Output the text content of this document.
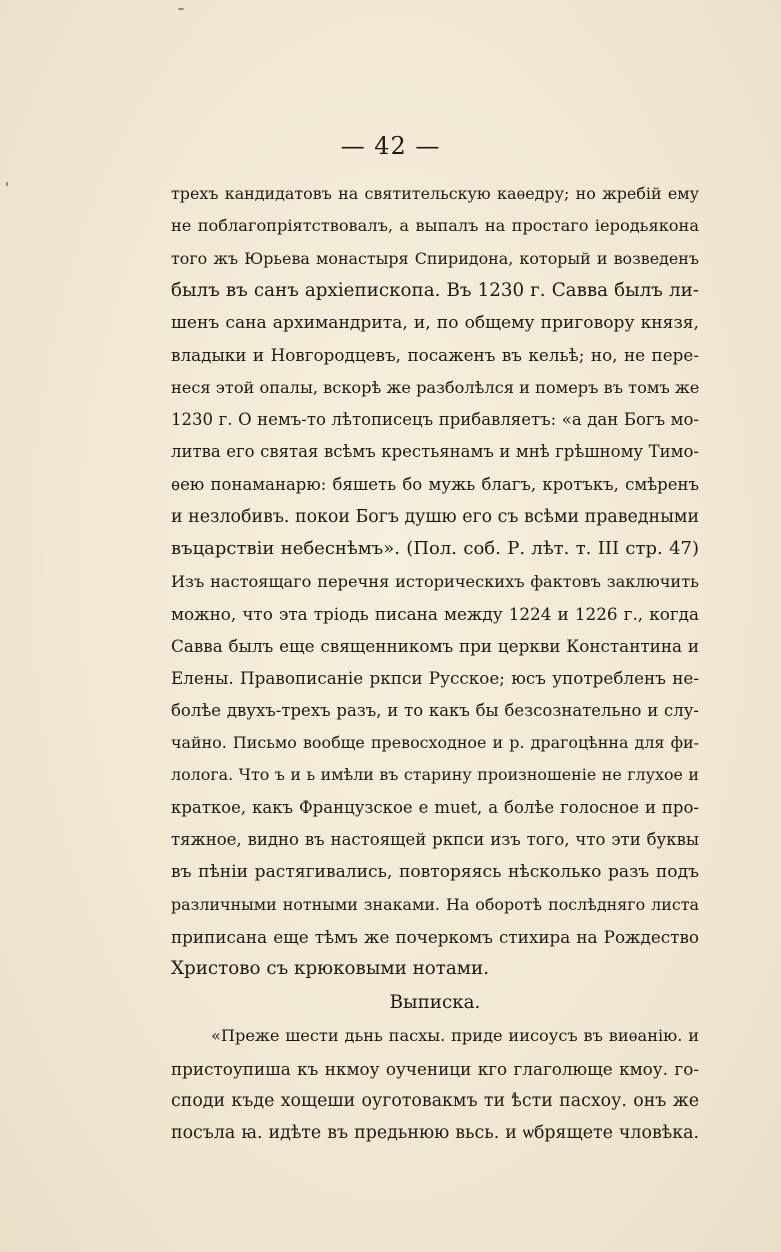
— 42 —
трехъ кандидатовъ на святительскую каѳедру; но жребій ему
не поблагопріятствовалъ, а выпалъ на простаго іеродьякона
того жъ Юрьева монастыря Спиридона, который и возведенъ
былъ въ санъ архіепископа. Въ 1230 г. Савва былъ ли-
шенъ сана архимандрита, и, по общему приговору князя,
владыки и Новгородцевъ, посаженъ въ кельѣ; но, не пере-
неся этой опалы, вскорѣ же разболѣлся и померъ въ томъ же
1230 г. О немъ-то лѣтописецъ прибавляетъ: «а дан Богъ мо-
литва его святая всѣмъ крестьянамъ и мнѣ грѣшному Тимо-
ѳею понаманарю: бяшеть бо мужь благъ, кротъкъ, смѣренъ
и незлобивъ. покои Богъ душю его съ всѣми праведными
въцарствіи небеснѣмъ». (Пол. соб. Р. лѣт. т. III стр. 47)
Изъ настоящаго перечня историческихъ фактовъ заключить
можно, что эта тріодь писана между 1224 и 1226 г., когда
Савва былъ еще священникомъ при церкви Константина и
Елены. Правописаніе ркпси Русское; юсъ употребленъ не-
болѣе двухъ-трехъ разъ, и то какъ бы безсознательно и слу-
чайно. Письмо вообще превосходное и р. драгоцѣнна для фи-
лолога. Что ъ и ь имѣли въ старину произношеніе не глухое и
краткое, какъ Французское e muet, а болѣе голосное и про-
тяжное, видно въ настоящей ркпси изъ того, что эти буквы
въ пѣніи растягивались, повторяясь нѣсколько разъ подъ
различными нотными знаками. На оборотѣ послѣдняго листа
приписана еще тѣмъ же почеркомъ стихира на Рождество
Христово съ крюковыми нотами.
Выписка.
«Преже шести дьнь пасхы. приде иисоусъ въ виѳанію. и
пристоупиша къ нкмоу оученици кго глаголюще кмоу. го-
споди къде хощеши оуготовакмъ ти ѣсти пасхоу. онъ же
посъла ꙗ. идѣте въ предьнюю вьсь. и ѡбрящете чловѣка.
